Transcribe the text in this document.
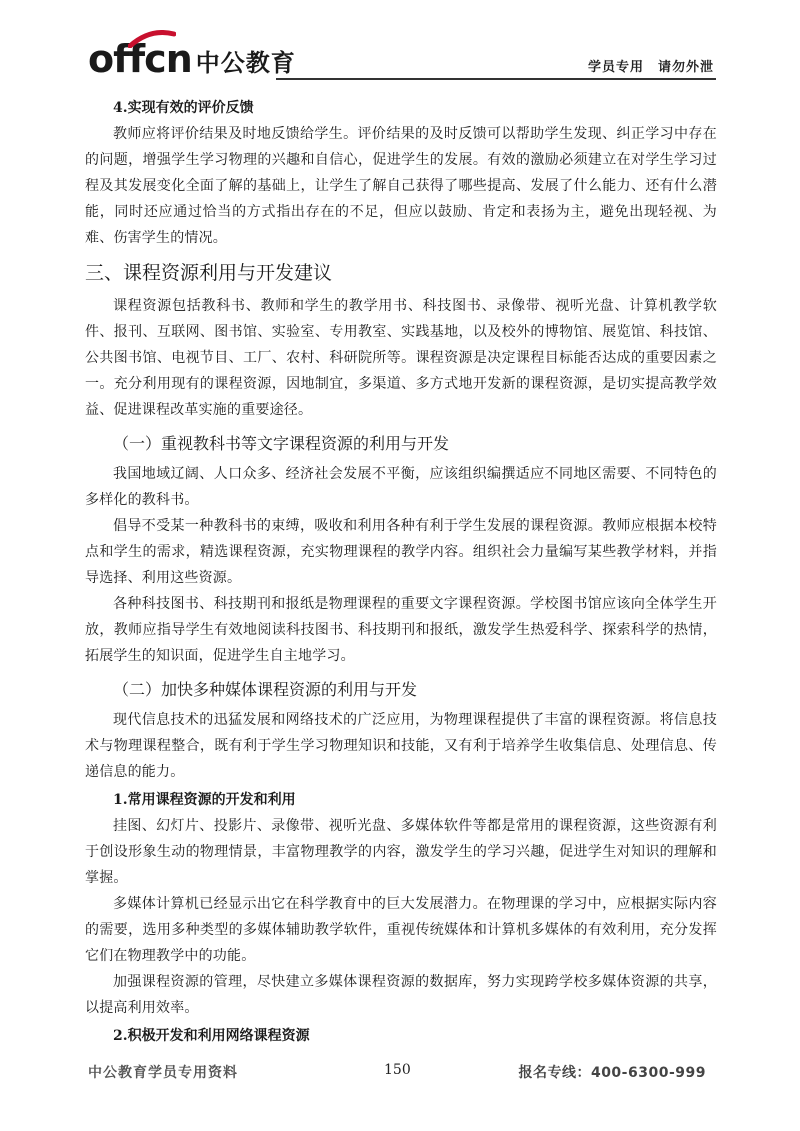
offcn 中公教育	学员专用 请勿外泄
4.实现有效的评价反馈

教师应将评价结果及时地反馈给学生。评价结果的及时反馈可以帮助学生发现、纠正学习中存在的问题，增强学生学习物理的兴趣和自信心，促进学生的发展。有效的激励必须建立在对学生学习过程及其发展变化全面了解的基础上，让学生了解自己获得了哪些提高、发展了什么能力、还有什么潜能，同时还应通过恰当的方式指出存在的不足，但应以鼓励、肯定和表扬为主，避免出现轻视、为难、伤害学生的情况。

三、课程资源利用与开发建议

课程资源包括教科书、教师和学生的教学用书、科技图书、录像带、视听光盘、计算机教学软件、报刊、互联网、图书馆、实验室、专用教室、实践基地，以及校外的博物馆、展览馆、科技馆、公共图书馆、电视节目、工厂、农村、科研院所等。课程资源是决定课程目标能否达成的重要因素之一。充分利用现有的课程资源，因地制宜，多渠道、多方式地开发新的课程资源，是切实提高教学效益、促进课程改革实施的重要途径。

（一）重视教科书等文字课程资源的利用与开发

我国地域辽阔、人口众多、经济社会发展不平衡，应该组织编撰适应不同地区需要、不同特色的多样化的教科书。

倡导不受某一种教科书的束缚，吸收和利用各种有利于学生发展的课程资源。教师应根据本校特点和学生的需求，精选课程资源，充实物理课程的教学内容。组织社会力量编写某些教学材料，并指导选择、利用这些资源。

各种科技图书、科技期刊和报纸是物理课程的重要文字课程资源。学校图书馆应该向全体学生开放，教师应指导学生有效地阅读科技图书、科技期刊和报纸，激发学生热爱科学、探索科学的热情，拓展学生的知识面，促进学生自主地学习。

（二）加快多种媒体课程资源的利用与开发

现代信息技术的迅猛发展和网络技术的广泛应用，为物理课程提供了丰富的课程资源。将信息技术与物理课程整合，既有利于学生学习物理知识和技能，又有利于培养学生收集信息、处理信息、传递信息的能力。

1.常用课程资源的开发和利用

挂图、幻灯片、投影片、录像带、视听光盘、多媒体软件等都是常用的课程资源，这些资源有利于创设形象生动的物理情景，丰富物理教学的内容，激发学生的学习兴趣，促进学生对知识的理解和掌握。

多媒体计算机已经显示出它在科学教育中的巨大发展潜力。在物理课的学习中，应根据实际内容的需要，选用多种类型的多媒体辅助教学软件，重视传统媒体和计算机多媒体的有效利用，充分发挥它们在物理教学中的功能。

加强课程资源的管理，尽快建立多媒体课程资源的数据库，努力实现跨学校多媒体资源的共享，以提高利用效率。

2.积极开发和利用网络课程资源
中公教育学员专用资料	150	报名专线：400-6300-999
